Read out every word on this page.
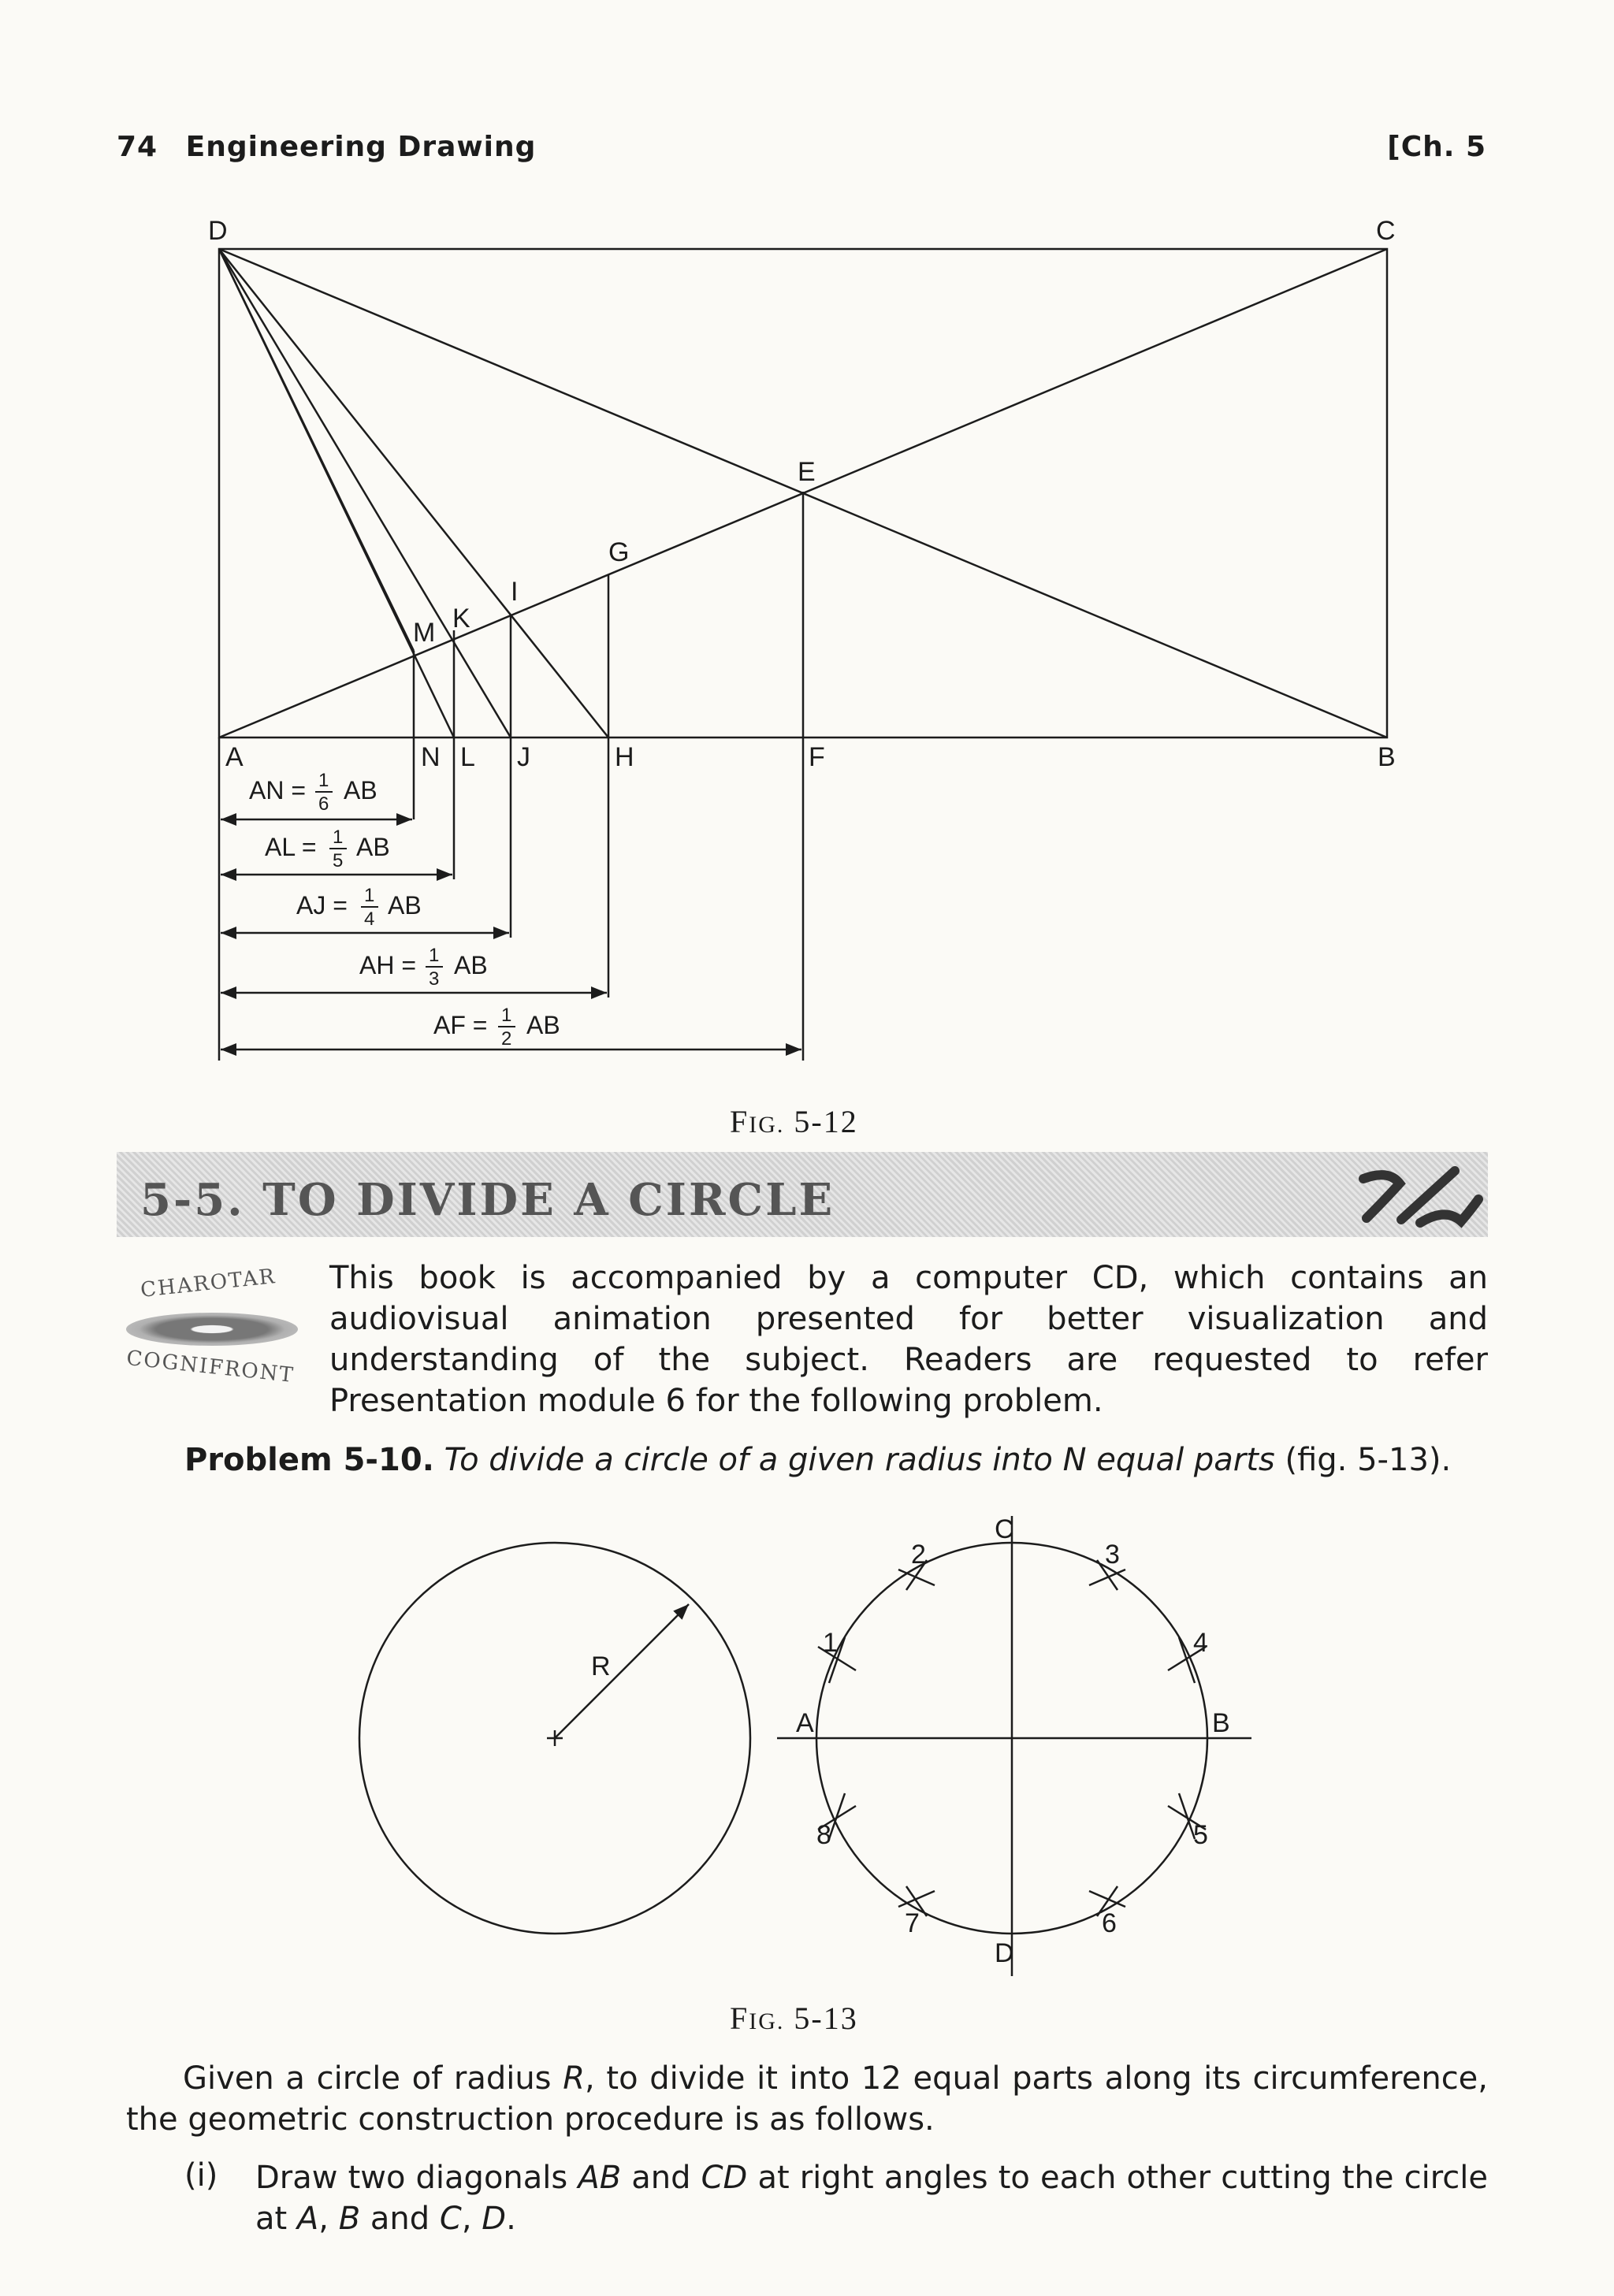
74 Engineering Drawing	[Ch. 5
D	C
A	B
E
F
G
H
I
J
K
L
M
N
AN = 1
6 AB
AL = 1
5 AB
AJ = 1
4 AB
AH = 1
3 AB
AF = 1
2 AB
FIG. 5-12
5-5. TO DIVIDE A CIRCLE
CHAROTAR
COGNIFRONT
This book is accompanied by a computer CD, which contains an audiovisual animation presented for better visualization and understanding of the subject. Readers are requested to refer Presentation module 6 for the following problem.
Problem 5-10. To divide a circle of a given radius into N equal parts (fig. 5-13).
R
A	B
C
D
1
2	3
4
5
6
7
8
FIG. 5-13
Given a circle of radius R, to divide it into 12 equal parts along its circumference, the geometric construction procedure is as follows.
(i) Draw two diagonals AB and CD at right angles to each other cutting the circle at A, B and C, D.
